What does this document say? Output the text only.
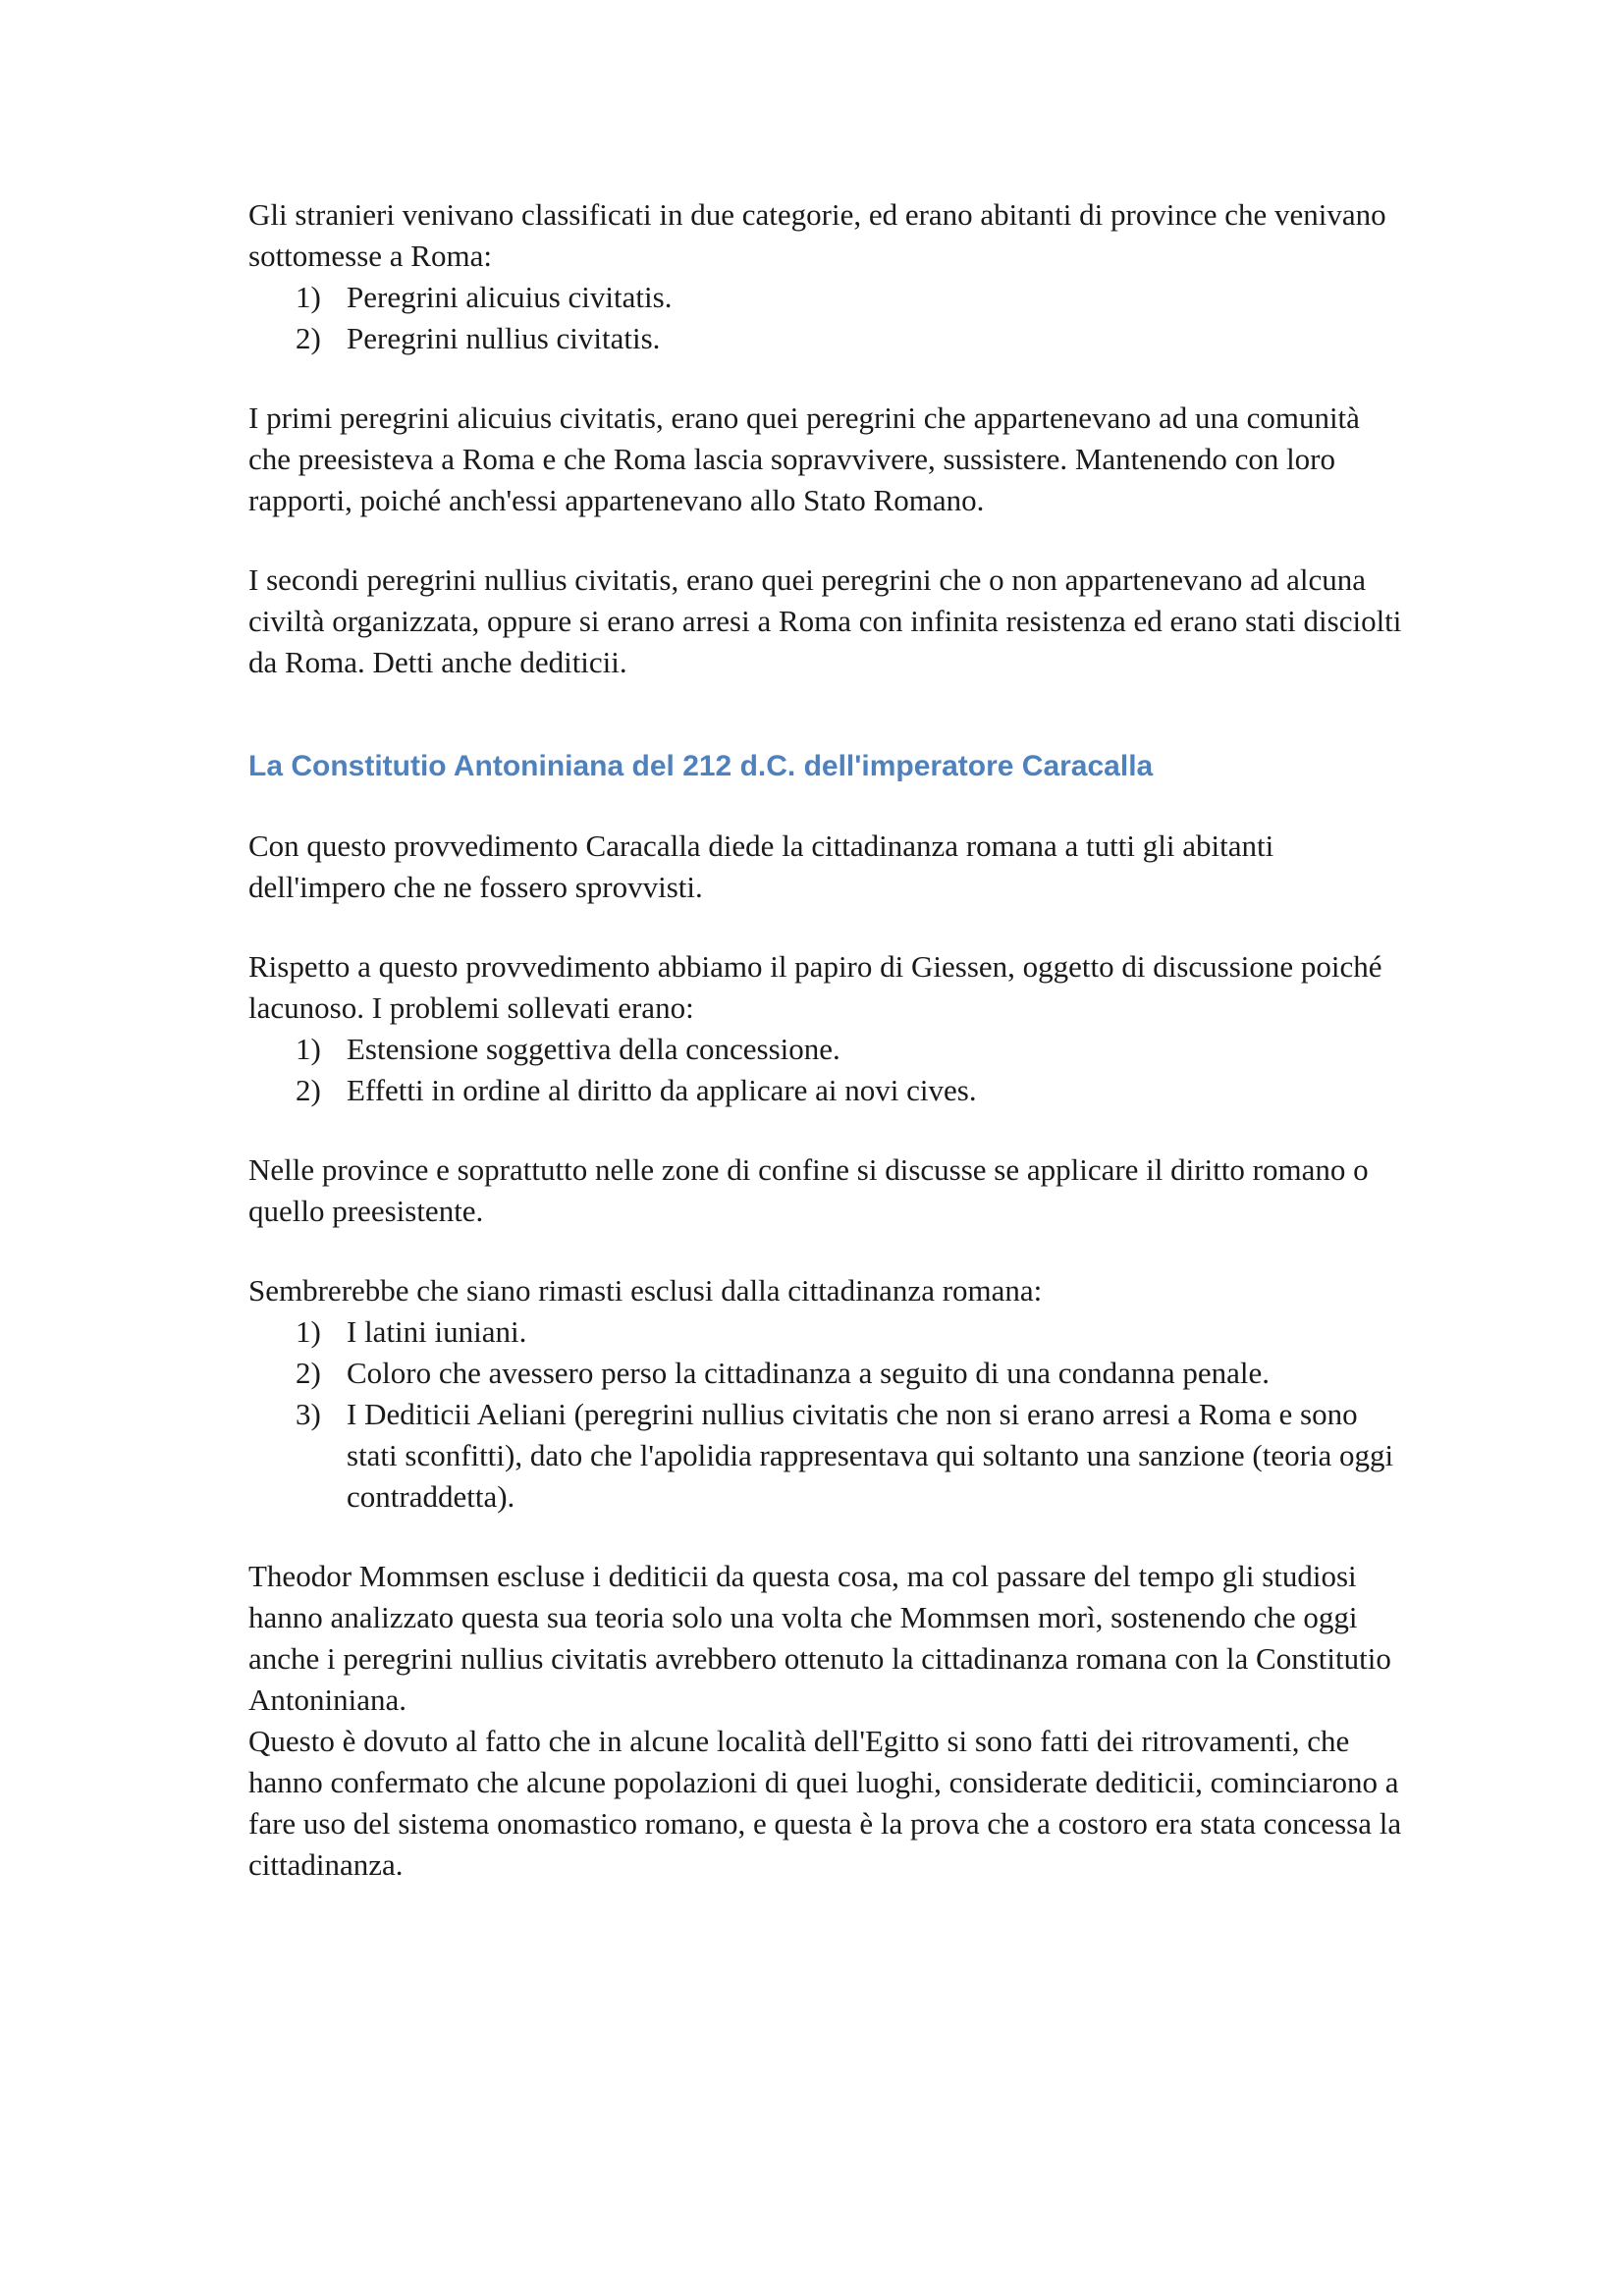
Gli stranieri venivano classificati in due categorie, ed erano abitanti di province che venivano sottomesse a Roma:

1) Peregrini alicuius civitatis.
2) Peregrini nullius civitatis.

I primi peregrini alicuius civitatis, erano quei peregrini che appartenevano ad una comunità che preesisteva a Roma e che Roma lascia sopravvivere, sussistere. Mantenendo con loro rapporti, poiché anch'essi appartenevano allo Stato Romano.

I secondi peregrini nullius civitatis, erano quei peregrini che o non appartenevano ad alcuna civiltà organizzata, oppure si erano arresi a Roma con infinita resistenza ed erano stati disciolti da Roma. Detti anche dediticii.

La Constitutio Antoniniana del 212 d.C. dell'imperatore Caracalla

Con questo provvedimento Caracalla diede la cittadinanza romana a tutti gli abitanti dell'impero che ne fossero sprovvisti.

Rispetto a questo provvedimento abbiamo il papiro di Giessen, oggetto di discussione poiché lacunoso. I problemi sollevati erano:

1) Estensione soggettiva della concessione.
2) Effetti in ordine al diritto da applicare ai novi cives.

Nelle province e soprattutto nelle zone di confine si discusse se applicare il diritto romano o quello preesistente.

Sembrerebbe che siano rimasti esclusi dalla cittadinanza romana:

1) I latini iuniani.
2) Coloro che avessero perso la cittadinanza a seguito di una condanna penale.
3) I Dediticii Aeliani (peregrini nullius civitatis che non si erano arresi a Roma e sono stati sconfitti), dato che l'apolidia rappresentava qui soltanto una sanzione (teoria oggi contraddetta).

Theodor Mommsen escluse i dediticii da questa cosa, ma col passare del tempo gli studiosi hanno analizzato questa sua teoria solo una volta che Mommsen morì, sostenendo che oggi anche i peregrini nullius civitatis avrebbero ottenuto la cittadinanza romana con la Constitutio Antoniniana.

Questo è dovuto al fatto che in alcune località dell'Egitto si sono fatti dei ritrovamenti, che hanno confermato che alcune popolazioni di quei luoghi, considerate dediticii, cominciarono a fare uso del sistema onomastico romano, e questa è la prova che a costoro era stata concessa la cittadinanza.
